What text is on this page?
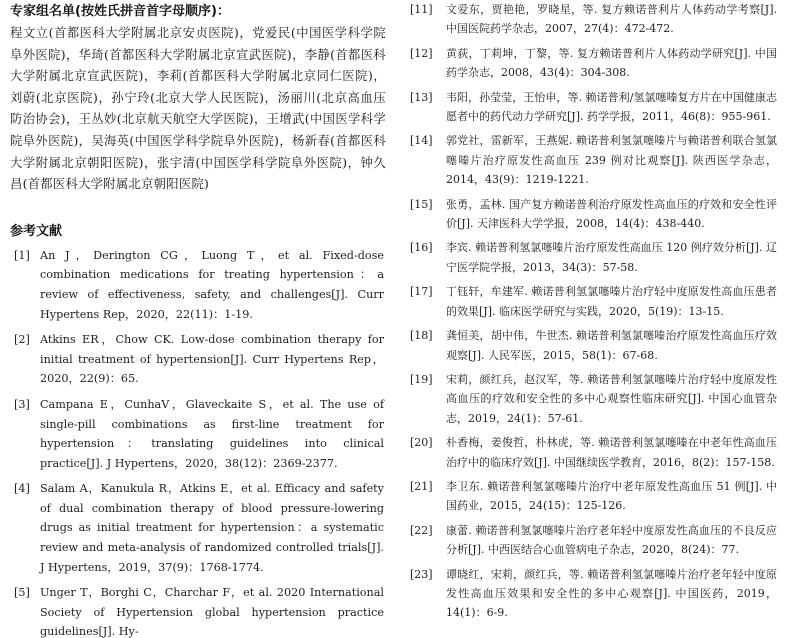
专家组名单(按姓氏拼音首字母顺序)：
程文立(首都医科大学附属北京安贞医院)，党爱民(中国医学科学院阜外医院)，华琦(首都医科大学附属北京宣武医院)，李静(首都医科大学附属北京宣武医院)，李莉(首都医科大学附属北京同仁医院)，刘蔚(北京医院)，孙宁玲(北京大学人民医院)，汤丽川(北京高血压防治协会)，王丛妙(北京航天航空大学医院)，王增武(中国医学科学院阜外医院)，吴海英(中国医学科学院阜外医院)，杨新春(首都医科大学附属北京朝阳医院)，张宇清(中国医学科学院阜外医院)，钟久昌(首都医科大学附属北京朝阳医院)
参考文献
[1] An J，Derington CG，Luong T，et al. Fixed-dose combination medications for treating hypertension：a review of effectiveness, safety, and challenges[J]. Curr Hypertens Rep，2020，22(11)：1-19.
[2] Atkins ER，Chow CK. Low-dose combination therapy for initial treatment of hypertension[J]. Curr Hypertens Rep，2020，22(9)：65.
[3] Campana E，CunhaV，Glaveckaite S，et al. The use of single-pill combinations as first-line treatment for hypertension：translating guidelines into clinical practice[J]. J Hypertens，2020，38(12)：2369-2377.
[4] Salam A，Kanukula R，Atkins E，et al. Efficacy and safety of dual combination therapy of blood pressure-lowering drugs as initial treatment for hypertension：a systematic review and meta-analysis of randomized controlled trials[J]. J Hypertens，2019，37(9)：1768-1774.
[5] Unger T，Borghi C，Charchar F，et al. 2020 International Society of Hypertension global hypertension practice guidelines[J]. Hy-
[11]	文爱东，贾艳艳，罗晓星，等. 复方赖诺普利片人体药动学考察[J]. 中国医院药学杂志，2007，27(4)：472-472.
[12]	黄荻，丁莉坤，丁黎，等. 复方赖诺普利片人体药动学研究[J]. 中国药学杂志，2008，43(4)：304-308.
[13]	韦阳，孙莹莹，王怡申，等. 赖诺普利/氢氯噻嗪复方片在中国健康志愿者中的药代动力学研究[J]. 药学学报，2011，46(8)：955-961.
[14]	郭党社，雷新军，王燕妮. 赖诺普利氢氯噻嗪片与赖诺普利联合氢氯噻嗪片治疗原发性高血压 239 例对比观察[J]. 陕西医学杂志，2014，43(9)：1219-1221.
[15]	张勇，孟林. 国产复方赖诺普利治疗原发性高血压的疗效和安全性评价[J]. 天津医科大学学报，2008，14(4)：438-440.
[16]	李宾. 赖诺普利氢氯噻嗪片治疗原发性高血压 120 例疗效分析[J]. 辽宁医学院学报，2013，34(3)：57-58.
[17]	丁钰轩，牟建军. 赖诺普利氢氯噻嗪片治疗轻中度原发性高血压患者的效果[J]. 临床医学研究与实践，2020，5(19)：13-15.
[18]	龚恒美，胡中伟，牛世杰. 赖诺普利氢氯噻嗪治疗原发性高血压疗效观察[J]. 人民军医，2015，58(1)：67-68.
[19]	宋莉，颜红兵，赵汉军，等. 赖诺普利氢氯噻嗪片治疗轻中度原发性高血压的疗效和安全性的多中心观察性临床研究[J]. 中国心血管杂志，2019，24(1)：57-61.
[20]	朴香梅，姜俊哲，朴林虎，等. 赖诺普利氢氯噻嗪在中老年性高血压治疗中的临床疗效[J]. 中国继续医学教育，2016，8(2)：157-158.
[21]	李卫东. 赖诺普利氢氯噻嗪片治疗中老年原发性高血压 51 例[J]. 中国药业，2015，24(15)：125-126.
[22]	康蕾. 赖诺普利氢氯噻嗪片治疗老年轻中度原发性高血压的不良反应分析[J]. 中西医结合心血管病电子杂志，2020，8(24)：77.
[23]	谭晓红，宋莉，颜红兵，等. 赖诺普利氢氯噻嗪片治疗老年轻中度原发性高血压效果和安全性的多中心观察[J]. 中国医药，2019，14(1)：6-9.
